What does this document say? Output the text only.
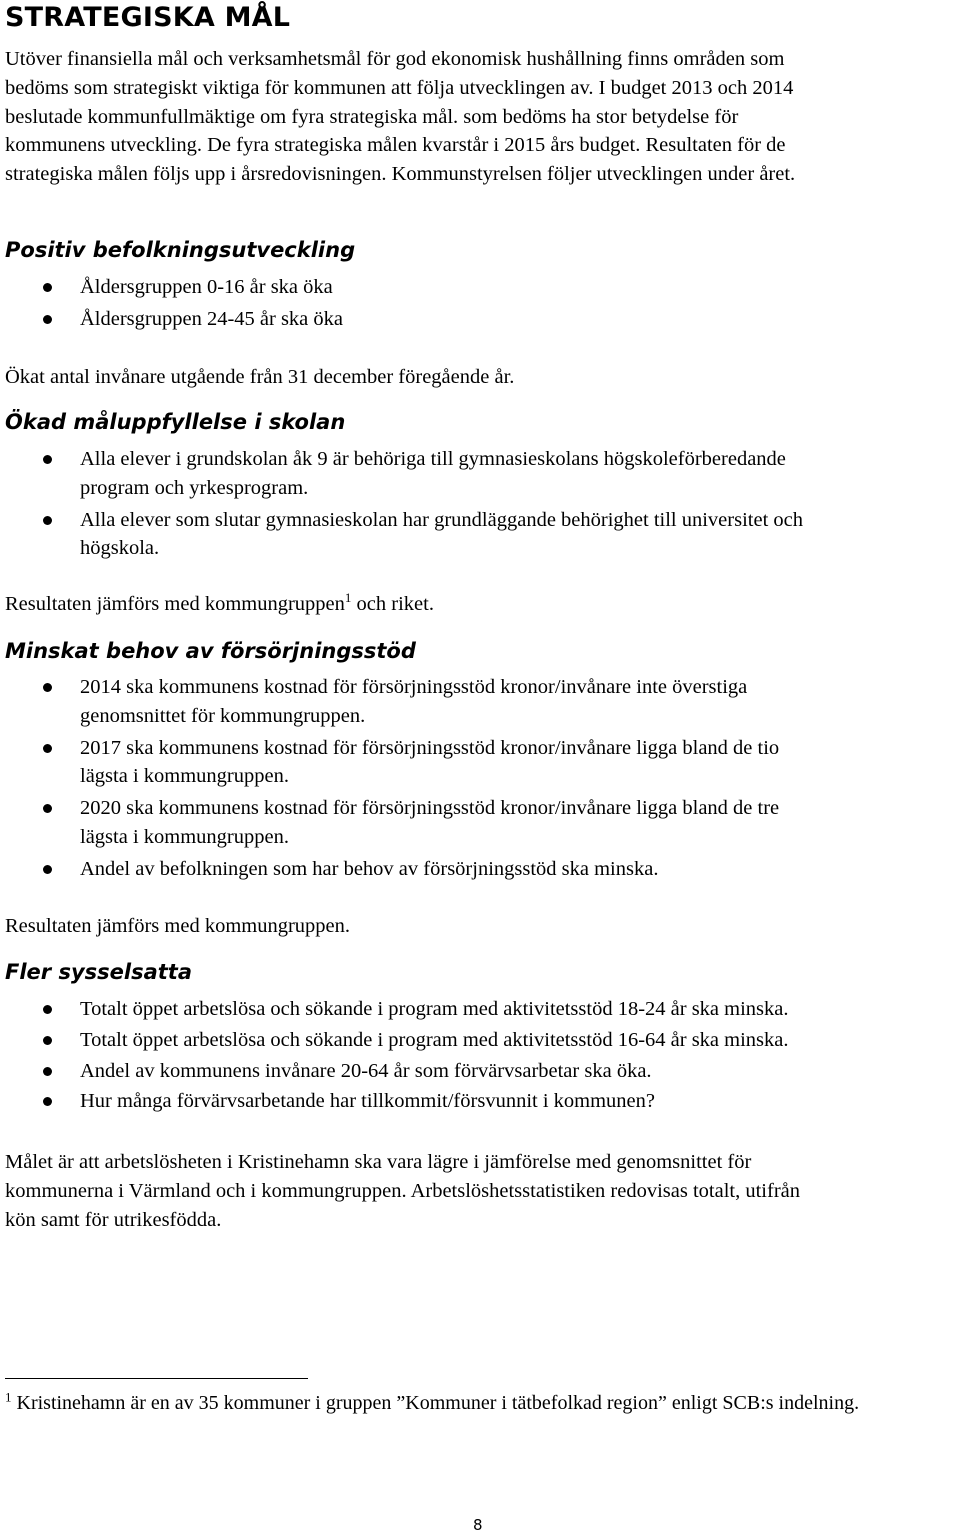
STRATEGISKA MÅL
Utöver finansiella mål och verksamhetsmål för god ekonomisk hushållning finns områden som
bedöms som strategiskt viktiga för kommunen att följa utvecklingen av. I budget 2013 och 2014
beslutade kommunfullmäktige om fyra strategiska mål. som bedöms ha stor betydelse för
kommunens utveckling. De fyra strategiska målen kvarstår i 2015 års budget. Resultaten för de
strategiska målen följs upp i årsredovisningen. Kommunstyrelsen följer utvecklingen under året.
Positiv befolkningsutveckling
Åldersgruppen 0-16 år ska öka
Åldersgruppen 24-45 år ska öka
Ökat antal invånare utgående från 31 december föregående år.
Ökad måluppfyllelse i skolan
Alla elever i grundskolan åk 9 är behöriga till gymnasieskolans högskoleförberedande
program och yrkesprogram.
Alla elever som slutar gymnasieskolan har grundläggande behörighet till universitet och
högskola.
Resultaten jämförs med kommungruppen$^1$ och riket.
Minskat behov av försörjningsstöd
2014 ska kommunens kostnad för försörjningsstöd kronor/invånare inte överstiga
genomsnittet för kommungruppen.
2017 ska kommunens kostnad för försörjningsstöd kronor/invånare ligga bland de tio
lägsta i kommungruppen.
2020 ska kommunens kostnad för försörjningsstöd kronor/invånare ligga bland de tre
lägsta i kommungruppen.
Andel av befolkningen som har behov av försörjningsstöd ska minska.
Resultaten jämförs med kommungruppen.
Fler sysselsatta
Totalt öppet arbetslösa och sökande i program med aktivitetsstöd 18-24 år ska minska.
Totalt öppet arbetslösa och sökande i program med aktivitetsstöd 16-64 år ska minska.
Andel av kommunens invånare 20-64 år som förvärvsarbetar ska öka.
Hur många förvärvsarbetande har tillkommit/försvunnit i kommunen?
Målet är att arbetslösheten i Kristinehamn ska vara lägre i jämförelse med genomsnittet för
kommunerna i Värmland och i kommungruppen. Arbetslöshetsstatistiken redovisas totalt, utifrån
kön samt för utrikesfödda.
$^1$ Kristinehamn är en av 35 kommuner i gruppen ”Kommuner i tätbefolkad region” enligt SCB:s indelning.
8
